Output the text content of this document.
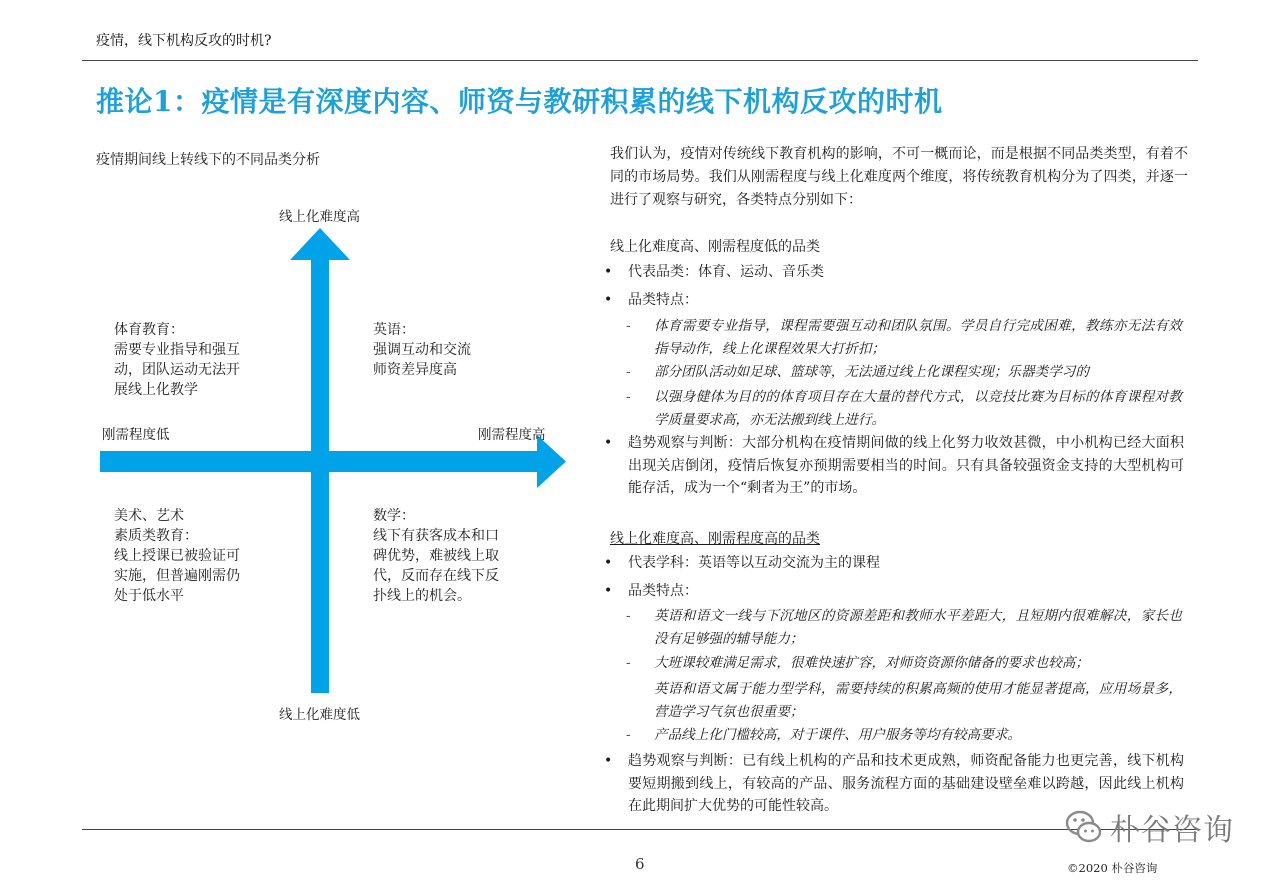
疫情，线下机构反攻的时机?
推论1：疫情是有深度内容、师资与教研积累的线下机构反攻的时机
疫情期间线上转线下的不同品类分析
线上化难度高
线上化难度低
刚需程度低	刚需程度高
体育教育：
需要专业指导和强互
动，团队运动无法开
展线上化教学
英语：
强调互动和交流
师资差异度高
美术、艺术
素质类教育：
线上授课已被验证可
实施，但普遍刚需仍
处于低水平
数学：
线下有获客成本和口
碑优势，难被线上取
代，反而存在线下反
扑线上的机会。
我们认为，疫情对传统线下教育机构的影响，不可一概而论，而是根据不同品类类型，有着不同的市场局势。我们从刚需程度与线上化难度两个维度，将传统教育机构分为了四类，并逐一进行了观察与研究，各类特点分别如下：
线上化难度高、刚需程度低的品类
•	代表品类：体育、运动、音乐类
•	品类特点：
- 体育需要专业指导，课程需要强互动和团队氛围。学员自行完成困难，教练亦无法有效指导动作，线上化课程效果大打折扣；
- 部分团队活动如足球、篮球等，无法通过线上化课程实现；乐器类学习的
- 以强身健体为目的的体育项目存在大量的替代方式，以竞技比赛为目标的体育课程对教学质量要求高，亦无法搬到线上进行。
•	趋势观察与判断：大部分机构在疫情期间做的线上化努力收效甚微，中小机构已经大面积出现关店倒闭，疫情后恢复亦预期需要相当的时间。只有具备较强资金支持的大型机构可能存活，成为一个“剩者为王”的市场。
线上化难度高、刚需程度高的品类
•	代表学科：英语等以互动交流为主的课程
•	品类特点：
- 英语和语文一线与下沉地区的资源差距和教师水平差距大，且短期内很难解决，家长也没有足够强的辅导能力；
- 大班课较难满足需求，很难快速扩容，对师资资源你储备的要求也较高；
英语和语文属于能力型学科，需要持续的积累高频的使用才能显著提高，应用场景多，营造学习气氛也很重要；
- 产品线上化门槛较高，对于课件、用户服务等均有较高要求。
•	趋势观察与判断：已有线上机构的产品和技术更成熟，师资配备能力也更完善，线下机构要短期搬到线上，有较高的产品、服务流程方面的基础建设壁垒难以跨越，因此线上机构在此期间扩大优势的可能性较高。
6	©2020 朴谷咨询
朴谷咨询
